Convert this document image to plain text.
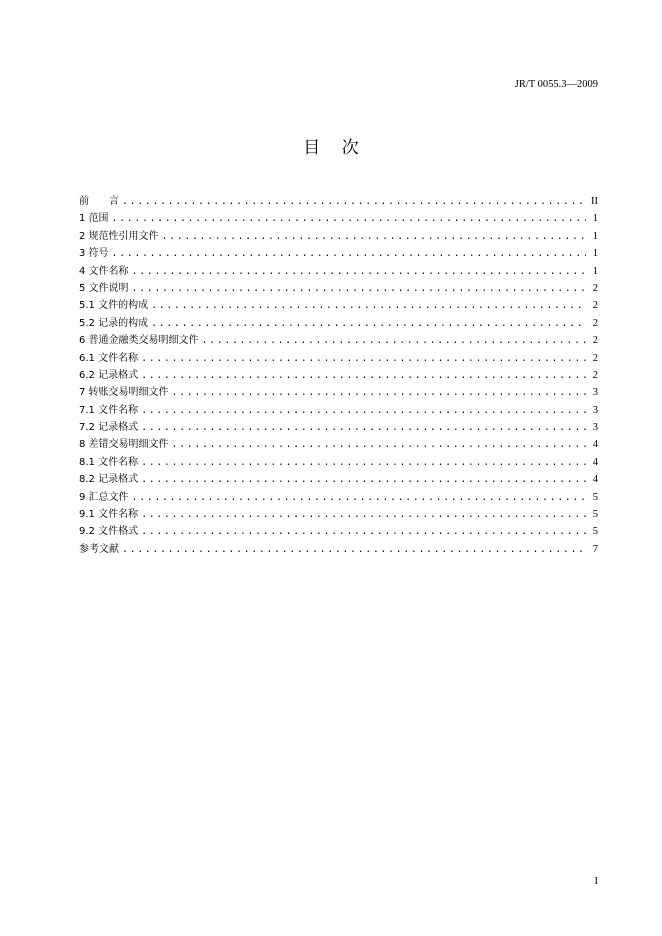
JR/T 0055.3—2009
目    次
前　　言 .....	II
1 范围 .....	1
2 规范性引用文件 .....	1
3 符号 .....	1
4 文件名称 .....	1
5 文件说明 .....	2
5.1 文件的构成 .....	2
5.2 记录的构成 .....	2
6 普通金融类交易明细文件 .....	2
6.1 文件名称 .....	2
6.2 记录格式 .....	2
7 转账交易明细文件 .....	3
7.1 文件名称 .....	3
7.2 记录格式 .....	3
8 差错交易明细文件 .....	4
8.1 文件名称 .....	4
8.2 记录格式 .....	4
9 汇总文件 .....	5
9.1 文件名称 .....	5
9.2 文件格式 .....	5
参考文献 .....	7
I
